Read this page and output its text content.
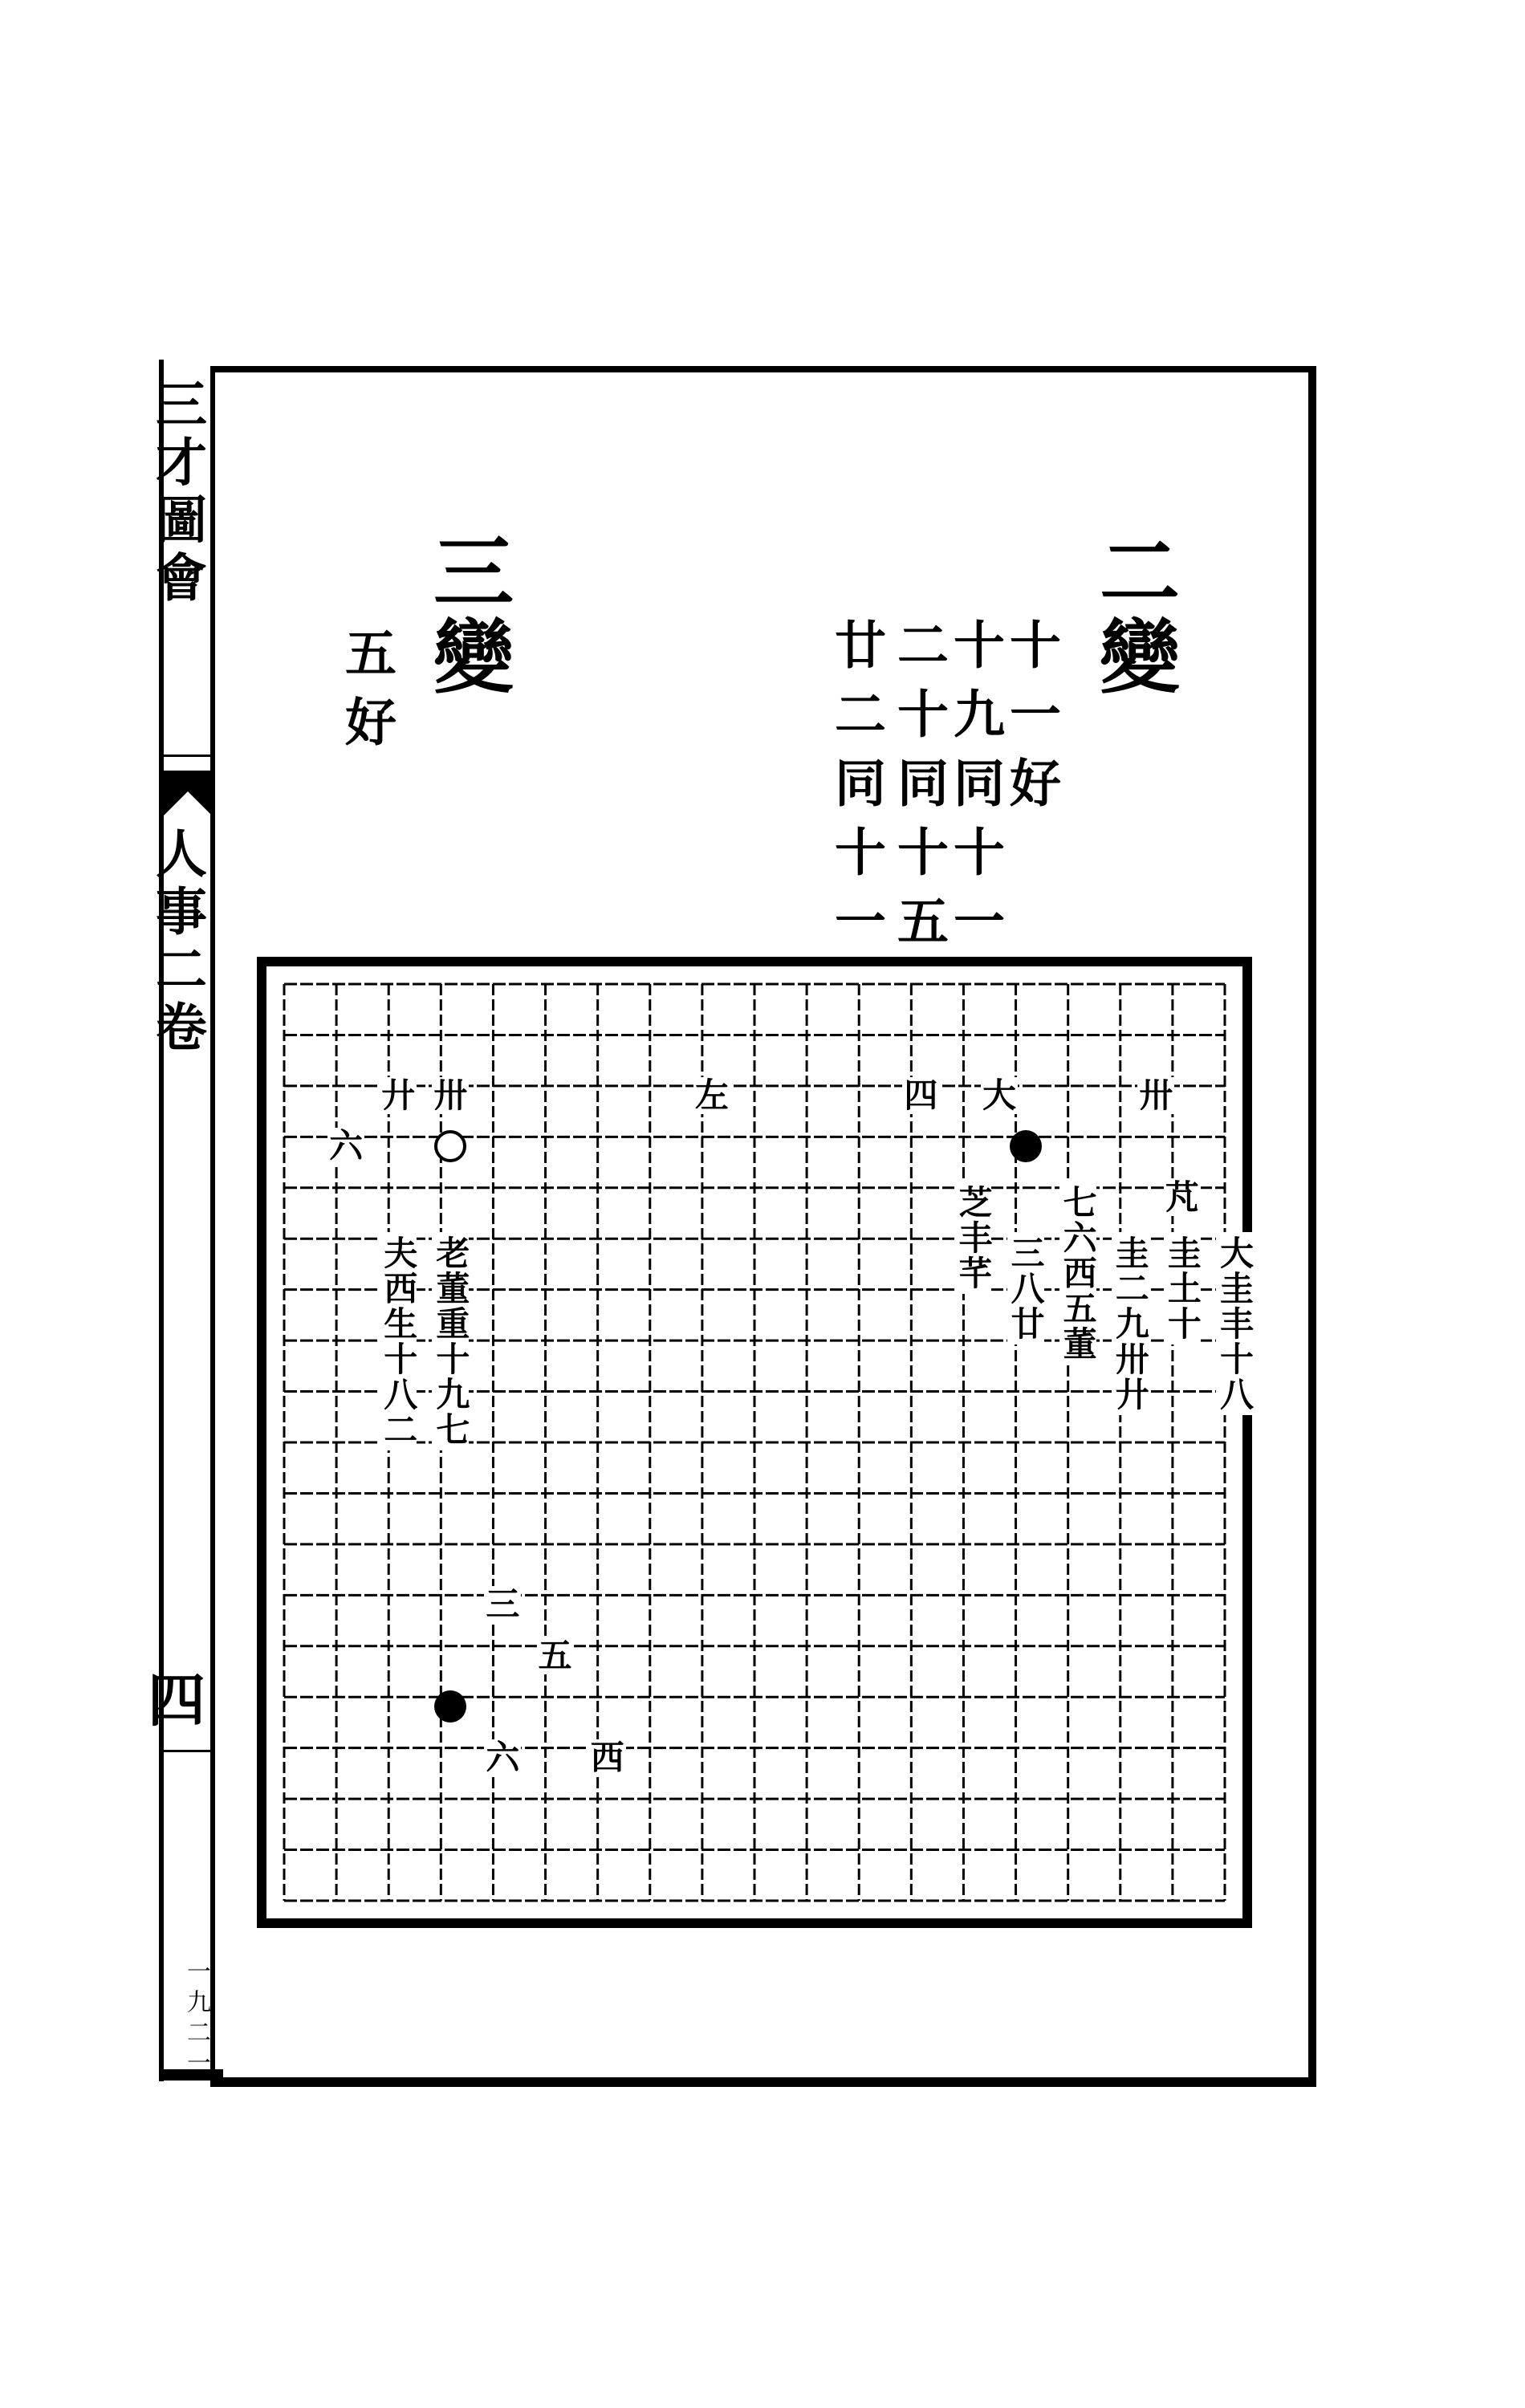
三才圖會
人事二卷
四
一九二一
二變
三變
十一好
十九同十一
二十同十五
廿二同十一
五好
廾 卅	左	四 大	卅
六
芃
五
三
六 西
大圭丰十八
圭土十
圭二九卅廾
七六西五董
三八廿
芝丰芊
老董重十九七
夫西生十八二
